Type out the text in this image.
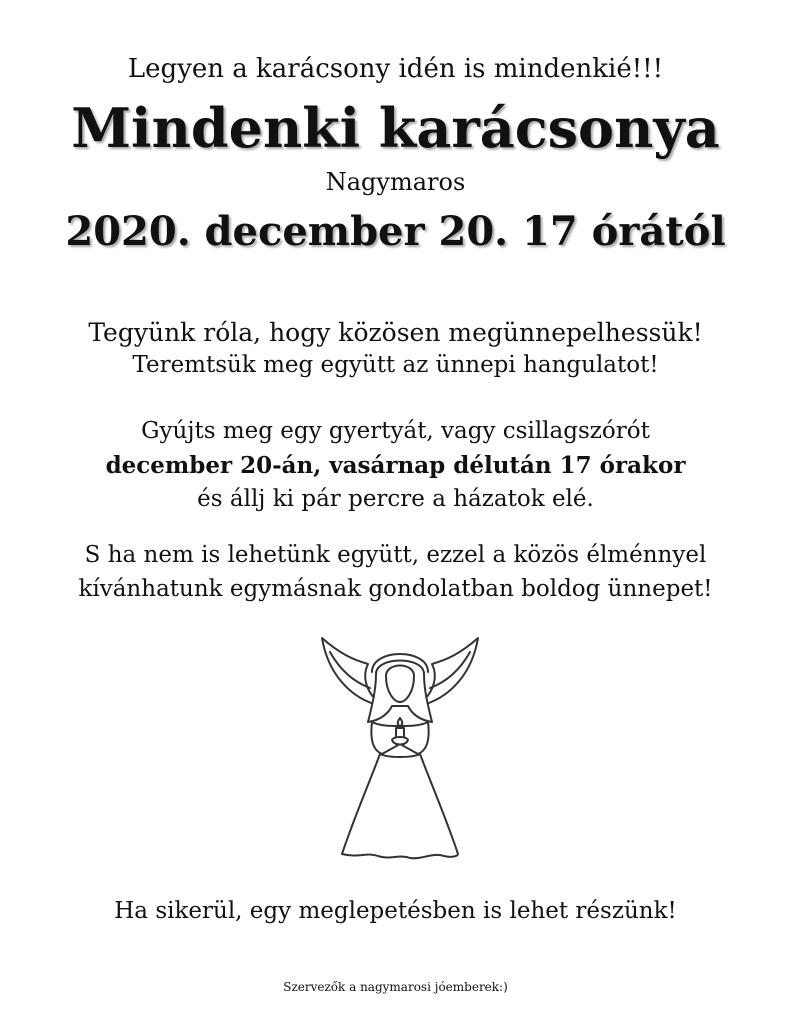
Legyen a karácsony idén is mindenkié!!!

Mindenki karácsonya

Nagymaros

2020. december 20. 17 órától

Tegyünk róla, hogy közösen megünnepelhessük!

Teremtsük meg együtt az ünnepi hangulatot!

Gyújts meg egy gyertyát, vagy csillagszórót

december 20-án, vasárnap délután 17 órakor

és állj ki pár percre a házatok elé.

S ha nem is lehetünk együtt, ezzel a közös élménnyel

kívánhatunk egymásnak gondolatban boldog ünnepet!

Ha sikerül, egy meglepetésben is lehet részünk!

Szervezők a nagymarosi jóemberek:)
